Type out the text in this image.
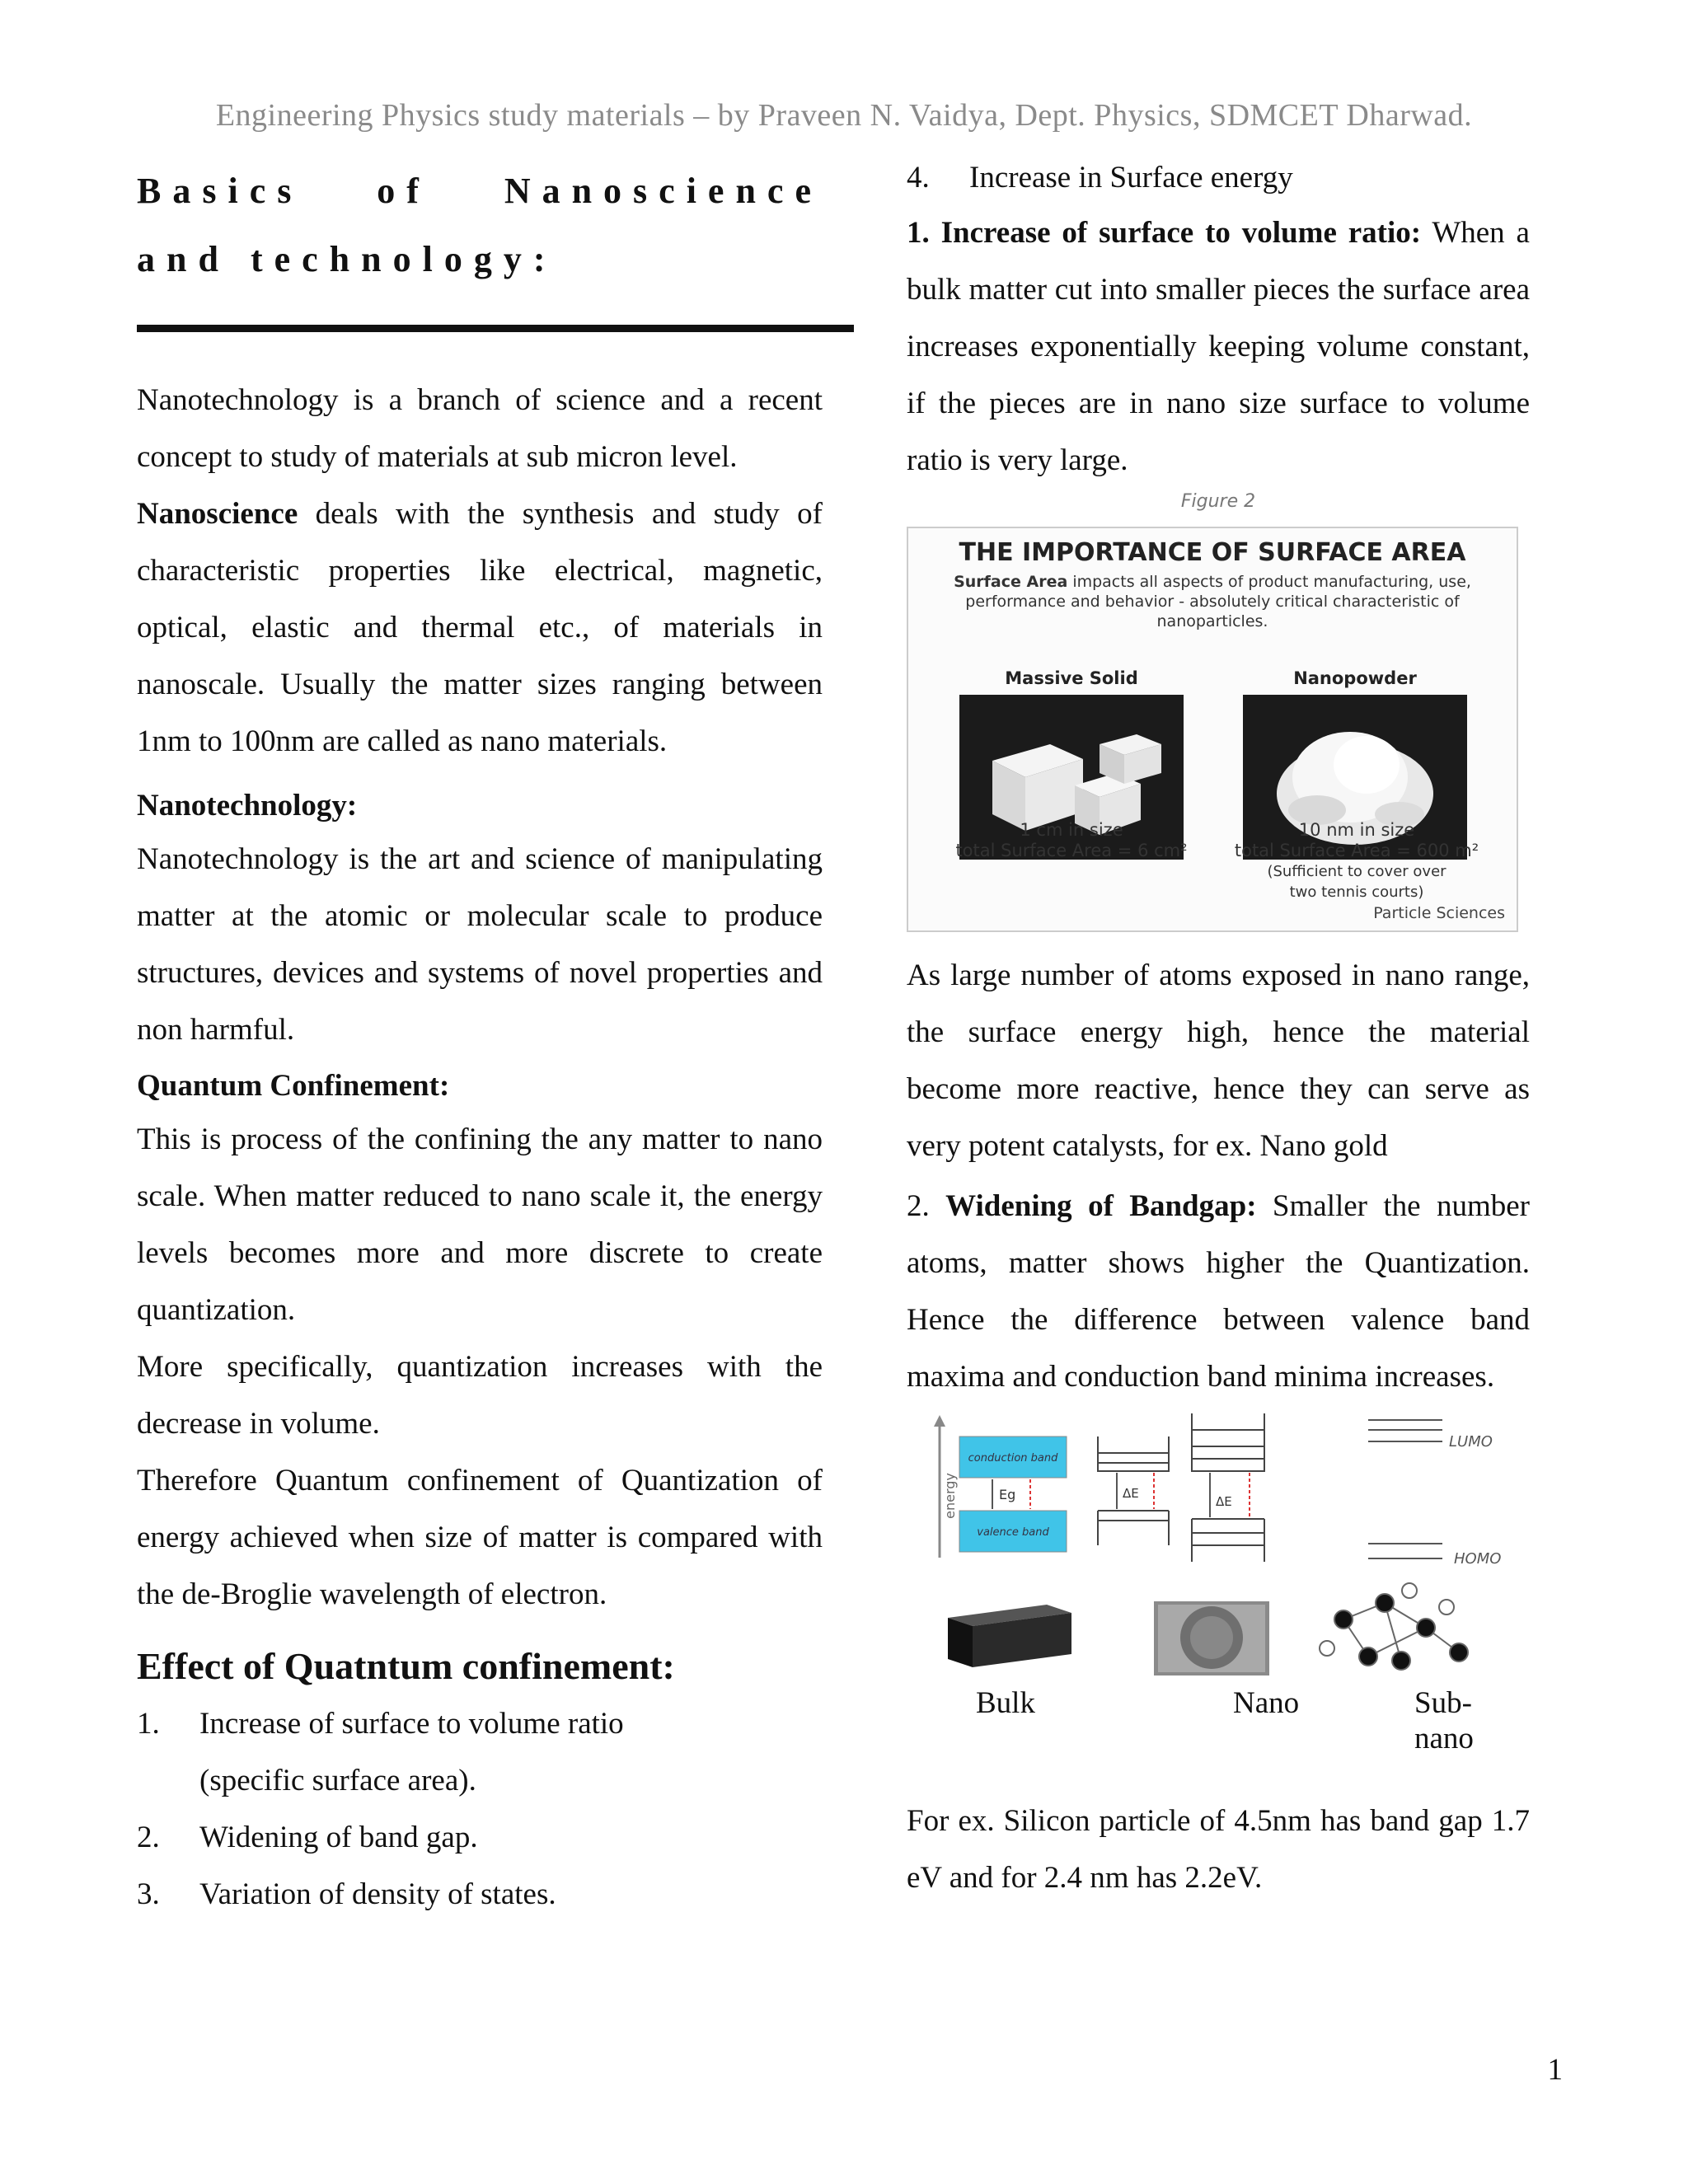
Engineering Physics study materials – by Praveen N. Vaidya, Dept. Physics, SDMCET Dharwad.
Basics of Nanoscience and technology:

Nanotechnology is a branch of science and a recent concept to study of materials at sub micron level.

Nanoscience deals with the synthesis and study of characteristic properties like electrical, magnetic, optical, elastic and thermal etc., of materials in nanoscale. Usually the matter sizes ranging between 1nm to 100nm are called as nano materials.

Nanotechnology:

Nanotechnology is the art and science of manipulating matter at the atomic or molecular scale to produce structures, devices and systems of novel properties and non harmful.

Quantum Confinement:

This is process of the confining the any matter to nano scale. When matter reduced to nano scale it, the energy levels becomes more and more discrete to create quantization.

More specifically, quantization increases with the decrease in volume.

Therefore Quantum confinement of Quantization of energy achieved when size of matter is compared with the de-Broglie wavelength of electron.

Effect of Quatntum confinement:
1.	Increase of surface to volume ratio
(specific surface area).
2.	Widening of band gap.
3.	Variation of density of states.
4.	Increase in Surface energy

1. Increase of surface to volume ratio: When a bulk matter cut into smaller pieces the surface area increases exponentially keeping volume constant, if the pieces are in nano size surface to volume ratio is very large.

Figure 2
THE IMPORTANCE OF SURFACE AREA
Surface Area impacts all aspects of product manufacturing, use, performance and behavior - absolutely critical characteristic of nanoparticles.
Massive Solid	Nanopowder
1 cm in size
total Surface Area = 6 cm²
10 nm in size
total Surface Area = 600 m²
(Sufficient to cover over two tennis courts)
Particle Sciences

As large number of atoms exposed in nano range, the surface energy high, hence the material become more reactive, hence they can serve as very potent catalysts, for ex. Nano gold

2. Widening of Bandgap: Smaller the number atoms, matter shows higher the Quantization. Hence the difference between valence band maxima and conduction band minima increases.

energy
conduction band
valence band
Eg	ΔE
ΔE
LUMO
HOMO
Bulk	Nano	Sub-nano

For ex. Silicon particle of 4.5nm has band gap 1.7 eV and for 2.4 nm has 2.2eV.

1
